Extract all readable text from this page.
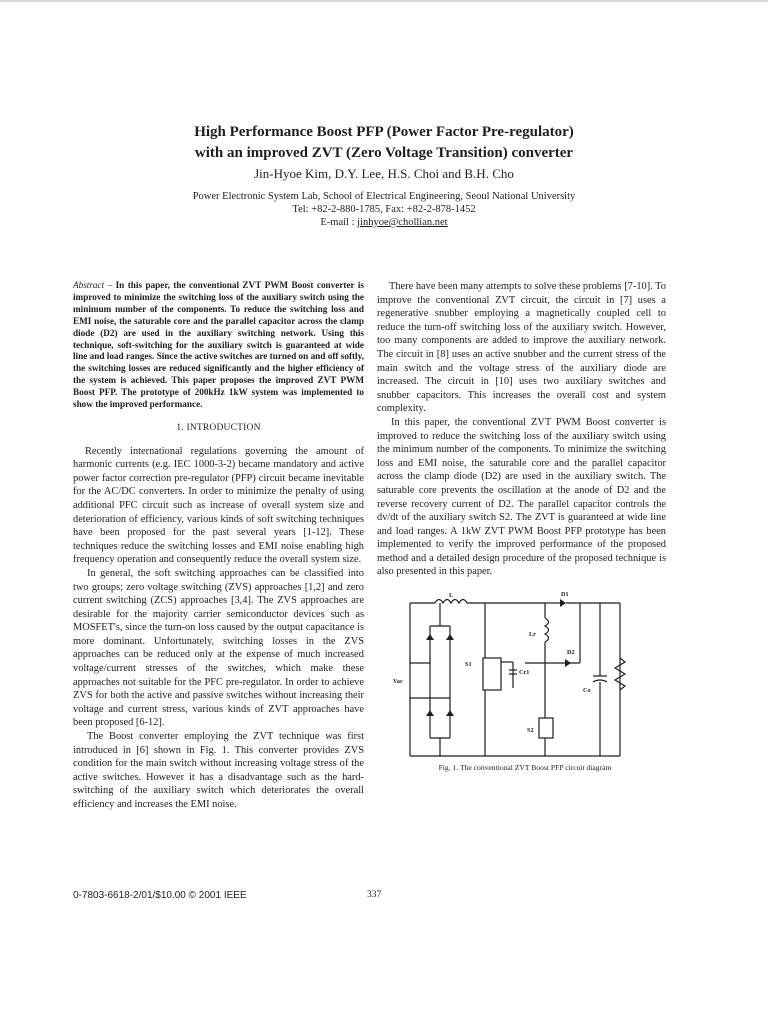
High Performance Boost PFP (Power Factor Pre-regulator)
with an improved ZVT (Zero Voltage Transition) converter
Jin-Hyoe Kim, D.Y. Lee, H.S. Choi and B.H. Cho
Power Electronic System Lab, School of Electrical Engineering, Seoul National University
Tel: +82-2-880-1785, Fax: +82-2-878-1452
E-mail : jinhyoe@chollian.net

Abstract – In this paper, the conventional ZVT PWM Boost converter is improved to minimize the switching loss of the auxiliary switch using the minimum number of the components. To reduce the switching loss and EMI noise, the saturable core and the parallel capacitor across the clamp diode (D2) are used in the auxiliary switching network. Using this technique, soft-switching for the auxiliary switch is guaranteed at wide line and load ranges. Since the active switches are turned on and off softly, the switching losses are reduced significantly and the higher efficiency of the system is achieved. This paper proposes the improved ZVT PWM Boost PFP. The prototype of 200kHz 1kW system was implemented to show the improved performance.

1. INTRODUCTION

Recently international regulations governing the amount of harmonic currents (e.g. IEC 1000-3-2) became mandatory and active power factor correction pre-regulator (PFP) circuit became inevitable for the AC/DC converters. In order to minimize the penalty of using additional PFC circuit such as increase of overall system size and deterioration of efficiency, various kinds of soft switching techniques have been proposed for the past several years [1-12]. These techniques reduce the switching losses and EMI noise enabling high frequency operation and consequently reduce the overall system size.

In general, the soft switching approaches can be classified into two groups; zero voltage switching (ZVS) approaches [1,2] and zero current switching (ZCS) approaches [3,4]. The ZVS approaches are desirable for the majority carrier semiconductor devices such as MOSFET's, since the turn-on loss caused by the output capacitance is more dominant. Unfortunately, switching losses in the ZVS approaches can be reduced only at the expense of much increased voltage/current stresses of the switches, which make these approaches not suitable for the PFC pre-regulator. In order to achieve ZVS for both the active and passive switches without increasing their voltage and current stress, various kinds of ZVT approaches have been proposed [6-12].

The Boost converter employing the ZVT technique was first introduced in [6] shown in Fig. 1. This converter provides ZVS condition for the main switch without increasing voltage stress of the active switches. However it has a disadvantage such as the hard-switching of the auxiliary switch which deteriorates the overall efficiency and increases the EMI noise.

There have been many attempts to solve these problems [7-10]. To improve the conventional ZVT circuit, the circuit in [7] uses a regenerative snubber employing a magnetically coupled cell to reduce the turn-off switching loss of the auxiliary switch. However, too many components are added to improve the auxiliary network. The circuit in [8] uses an active snubber and the current stress of the main switch and the voltage stress of the auxiliary diode are increased. The circuit in [10] uses two auxiliary switches and snubber capacitors. This increases the overall cost and system complexity.

In this paper, the conventional ZVT PWM Boost converter is improved to reduce the switching loss of the auxiliary switch using the minimum number of the components. To minimize the switching loss and EMI noise, the saturable core and the parallel capacitor across the clamp diode (D2) are used in the auxiliary switch. The saturable core prevents the oscillation at the anode of D2 and the reverse recovery current of D2. The parallel capacitor controls the dv/dt of the auxiliary switch S2. The ZVT is guaranteed at wide line and load ranges. A 1kW ZVT PWM Boost PFP prototype has been implemented to verify the improved performance of the proposed method and a detailed design procedure of the proposed technique is also presented in this paper.

L	D1
Lr
D2
S1
Cr1
Vac
Co
S2
Fig. 1. The conventional ZVT Boost PFP circuit diagram
0-7803-6618-2/01/$10.00 © 2001 IEEE	337
